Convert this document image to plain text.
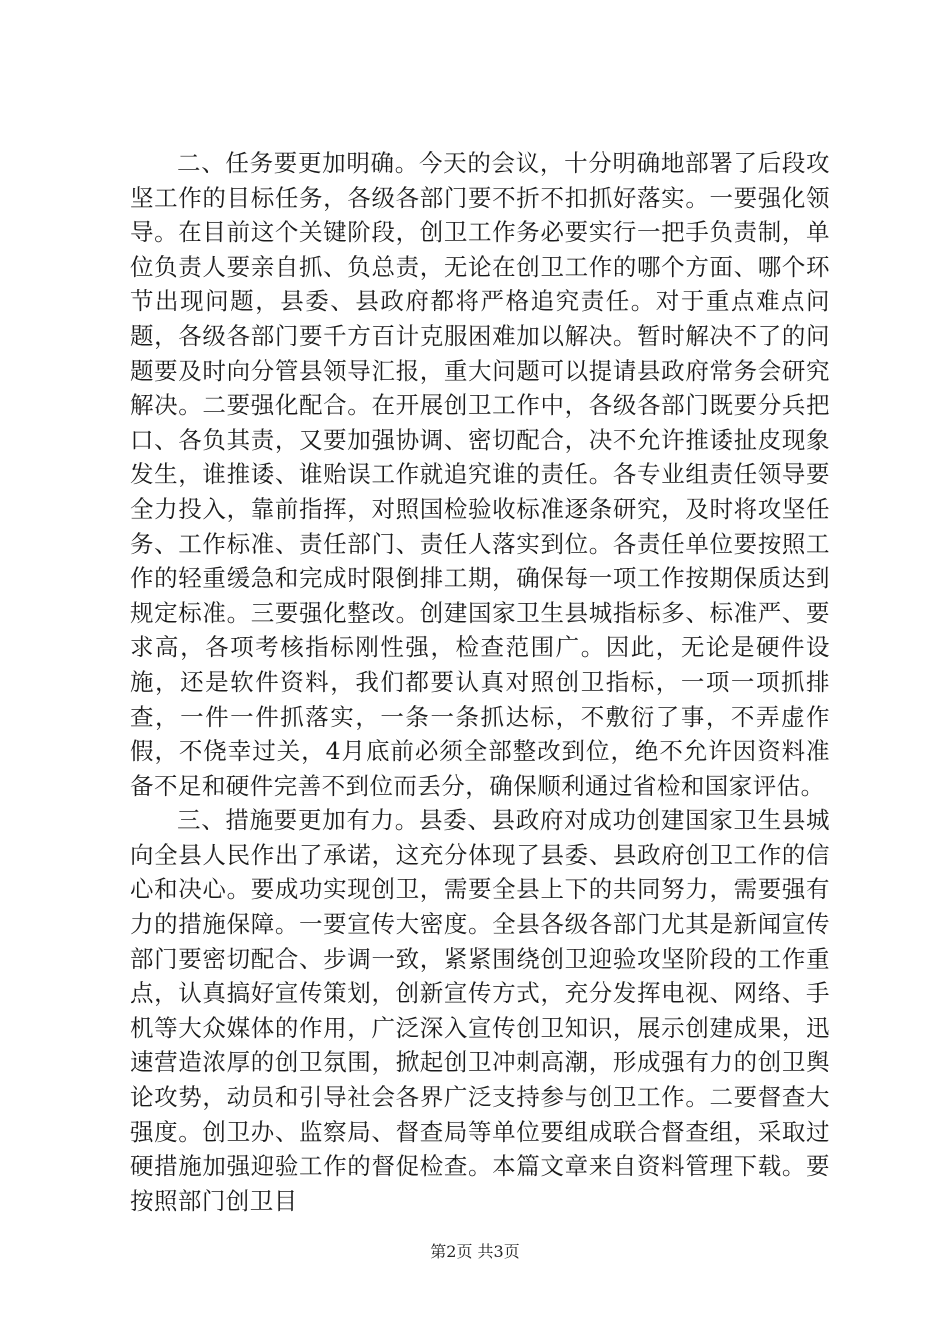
二、任务要更加明确。今天的会议，十分明确地部署了后段攻坚工作的目标任务，各级各部门要不折不扣抓好落实。一要强化领导。在目前这个关键阶段，创卫工作务必要实行一把手负责制，单位负责人要亲自抓、负总责，无论在创卫工作的哪个方面、哪个环节出现问题，县委、县政府都将严格追究责任。对于重点难点问题，各级各部门要千方百计克服困难加以解决。暂时解决不了的问题要及时向分管县领导汇报，重大问题可以提请县政府常务会研究解决。二要强化配合。在开展创卫工作中，各级各部门既要分兵把口、各负其责，又要加强协调、密切配合，决不允许推诿扯皮现象发生，谁推诿、谁贻误工作就追究谁的责任。各专业组责任领导要全力投入，靠前指挥，对照国检验收标准逐条研究，及时将攻坚任务、工作标准、责任部门、责任人落实到位。各责任单位要按照工作的轻重缓急和完成时限倒排工期，确保每一项工作按期保质达到规定标准。三要强化整改。创建国家卫生县城指标多、标准严、要求高，各项考核指标刚性强，检查范围广。因此，无论是硬件设施，还是软件资料，我们都要认真对照创卫指标，一项一项抓排查，一件一件抓落实，一条一条抓达标，不敷衍了事，不弄虚作假，不侥幸过关，4月底前必须全部整改到位，绝不允许因资料准备不足和硬件完善不到位而丢分，确保顺利通过省检和国家评估。

三、措施要更加有力。县委、县政府对成功创建国家卫生县城向全县人民作出了承诺，这充分体现了县委、县政府创卫工作的信心和决心。要成功实现创卫，需要全县上下的共同努力，需要强有力的措施保障。一要宣传大密度。全县各级各部门尤其是新闻宣传部门要密切配合、步调一致，紧紧围绕创卫迎验攻坚阶段的工作重点，认真搞好宣传策划，创新宣传方式，充分发挥电视、网络、手机等大众媒体的作用，广泛深入宣传创卫知识，展示创建成果，迅速营造浓厚的创卫氛围，掀起创卫冲刺高潮，形成强有力的创卫舆论攻势，动员和引导社会各界广泛支持参与创卫工作。二要督查大强度。创卫办、监察局、督查局等单位要组成联合督查组，采取过硬措施加强迎验工作的督促检查。本篇文章来自资料管理下载。要按照部门创卫目

第2页 共3页
